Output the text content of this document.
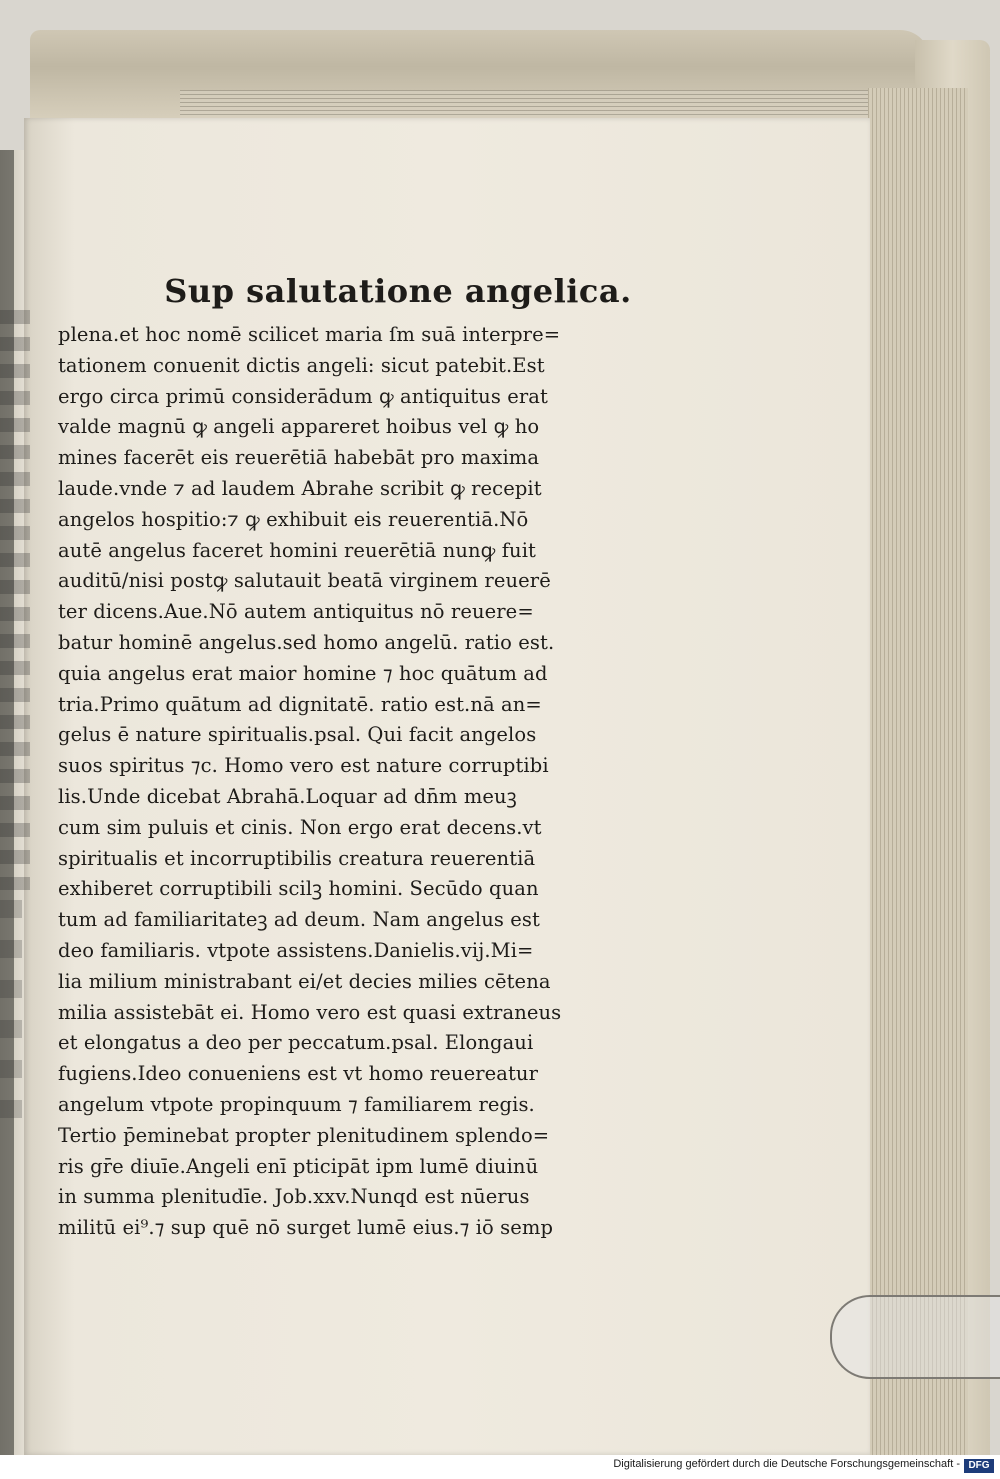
Sup salutatione angelica.
plena.et hoc nomē scilicet maria ſm suā interpre=
tationem conuenit dictis angeli: sicut patebit.Est
ergo circa primū considerādum ꝙ antiquitus erat
valde magnū ꝙ angeli appareret hoibus vel ꝙ ho
mines facerēt eis reuerētiā habebāt pro maxima
laude.vnde ⁊ ad laudem Abrahe scribit ꝙ recepit
angelos hospitio:⁊ ꝙ exhibuit eis reuerentiā.Nō
autē angelus faceret homini reuerētiā nunꝙ fuit
auditū/nisi postꝙ salutauit beatā virginem reuerē
ter dicens.Aue.Nō autem antiquitus nō reuere=
batur hominē angelus.sed homo angelū. ratio est.
quia angelus erat maior homine ⁊ hoc quātum ad
tria.Primo quātum ad dignitatē. ratio est.nā an=
gelus ē nature spiritualis.psal. Qui facit angelos
suos spiritus ⁊c. Homo vero est nature corruptibi
lis.Unde dicebat Abrahā.Loquar ad dn̄m meuꝫ
cum sim puluis et cinis. Non ergo erat decens.vt
spiritualis et incorruptibilis creatura reuerentiā
exhiberet corruptibili scilꝫ homini. Secūdo quan
tum ad familiaritateꝫ ad deum. Nam angelus est
deo familiaris. vtpote assistens.Danielis.vij.Mi=
lia milium ministrabant ei/et decies milies cētena
milia assistebāt ei. Homo vero est quasi extraneus
et elongatus a deo per peccatum.psal. Elongaui
fugiens.Ideo conueniens est vt homo reuereatur
angelum vtpote propinquum ⁊ familiarem regis.
Tertio p̄eminebat propter plenitudinem splendo=
ris gr̄e diuīe.Angeli enī pticipāt ipm lumē diuinū
in summa plenitudīe. Job.xxv.Nunqd est nūerus
militū ei⁹.⁊ sup quē nō surget lumē eius.⁊ iō semp
Digitalisierung gefördert durch die Deutsche Forschungsgemeinschaft - DFG
